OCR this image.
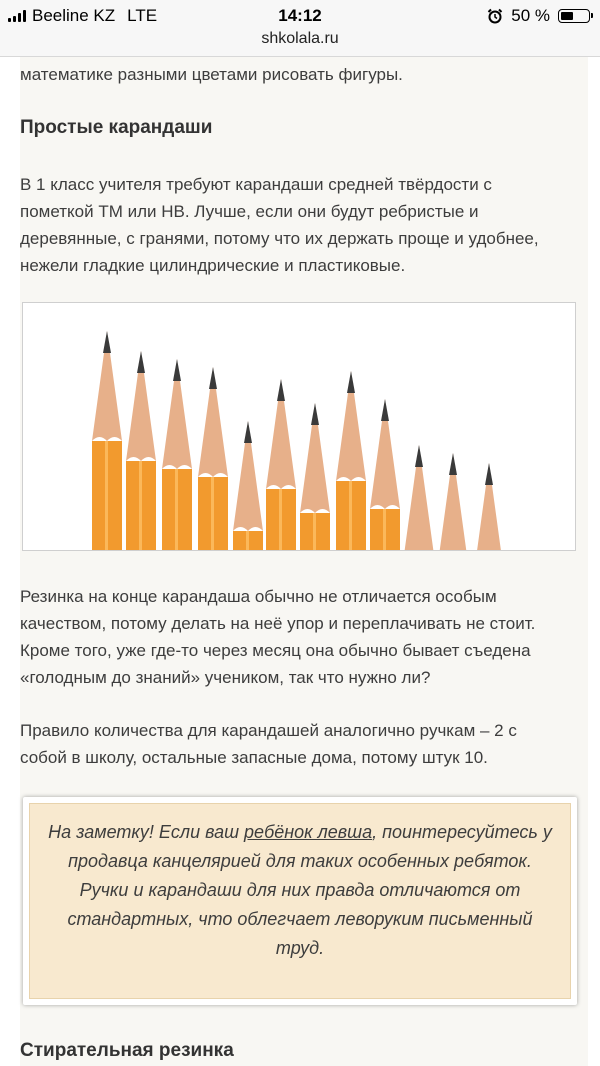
Beeline KZ LTE	14:12	50 %
shkolala.ru
математике разными цветами рисовать фигуры.
Простые карандаши
В 1 класс учителя требуют карандаши средней твёрдости с пометкой ТМ или HB. Лучше, если они будут ребристые и деревянные, с гранями, потому что их держать проще и удобнее, нежели гладкие цилиндрические и пластиковые.
Резинка на конце карандаша обычно не отличается особым качеством, потому делать на неё упор и переплачивать не стоит. Кроме того, уже где-то через месяц она обычно бывает съедена «голодным до знаний» учеником, так что нужно ли?
Правило количества для карандашей аналогично ручкам – 2 с собой в школу, остальные запасные дома, потому штук 10.
На заметку! Если ваш ребёнок левша, поинтересуйтесь у продавца канцелярией для таких особенных ребяток. Ручки и карандаши для них правда отличаются от стандартных, что облегчает леворуким письменный труд.
Стирательная резинка
